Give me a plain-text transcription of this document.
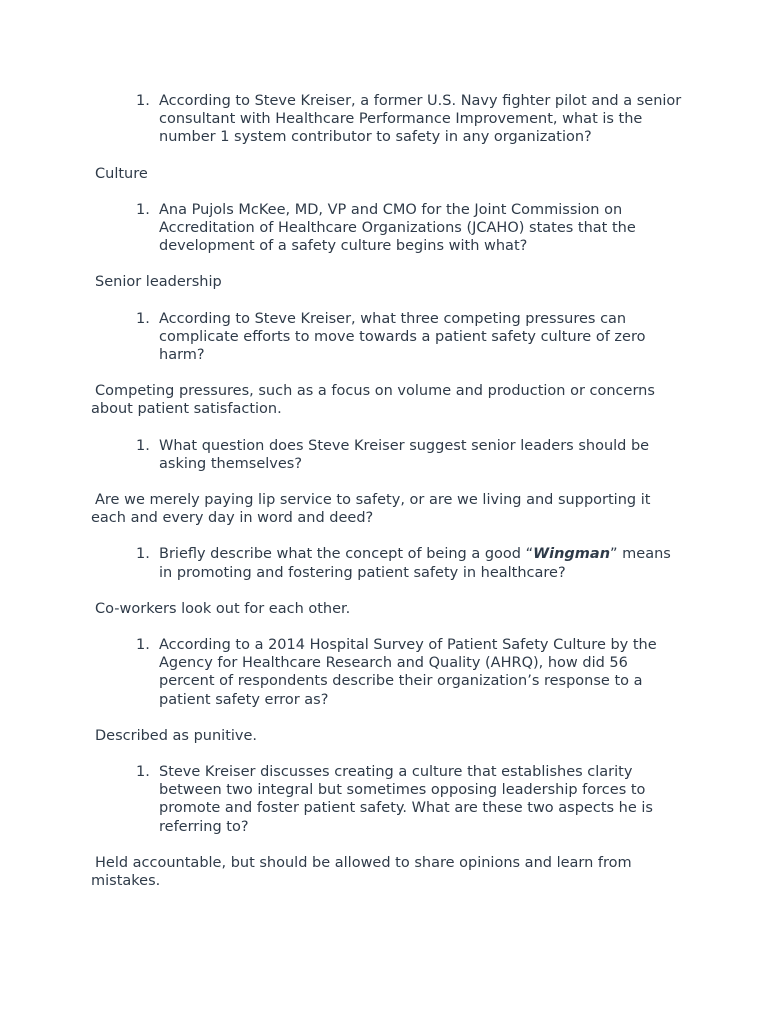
1. According to Steve Kreiser, a former U.S. Navy fighter pilot and a senior consultant with Healthcare Performance Improvement, what is the number 1 system contributor to safety in any organization?
Culture
1. Ana Pujols McKee, MD, VP and CMO for the Joint Commission on Accreditation of Healthcare Organizations (JCAHO) states that the development of a safety culture begins with what?
Senior leadership
1. According to Steve Kreiser, what three competing pressures can complicate efforts to move towards a patient safety culture of zero harm?
Competing pressures, such as a focus on volume and production or concerns about patient satisfaction.
1. What question does Steve Kreiser suggest senior leaders should be asking themselves?
Are we merely paying lip service to safety, or are we living and supporting it each and every day in word and deed?
1. Briefly describe what the concept of being a good “Wingman” means in promoting and fostering patient safety in healthcare?
Co-workers look out for each other.
1. According to a 2014 Hospital Survey of Patient Safety Culture by the Agency for Healthcare Research and Quality (AHRQ), how did 56 percent of respondents describe their organization’s response to a patient safety error as?
Described as punitive.
1. Steve Kreiser discusses creating a culture that establishes clarity between two integral but sometimes opposing leadership forces to promote and foster patient safety. What are these two aspects he is referring to?
Held accountable, but should be allowed to share opinions and learn from mistakes.
